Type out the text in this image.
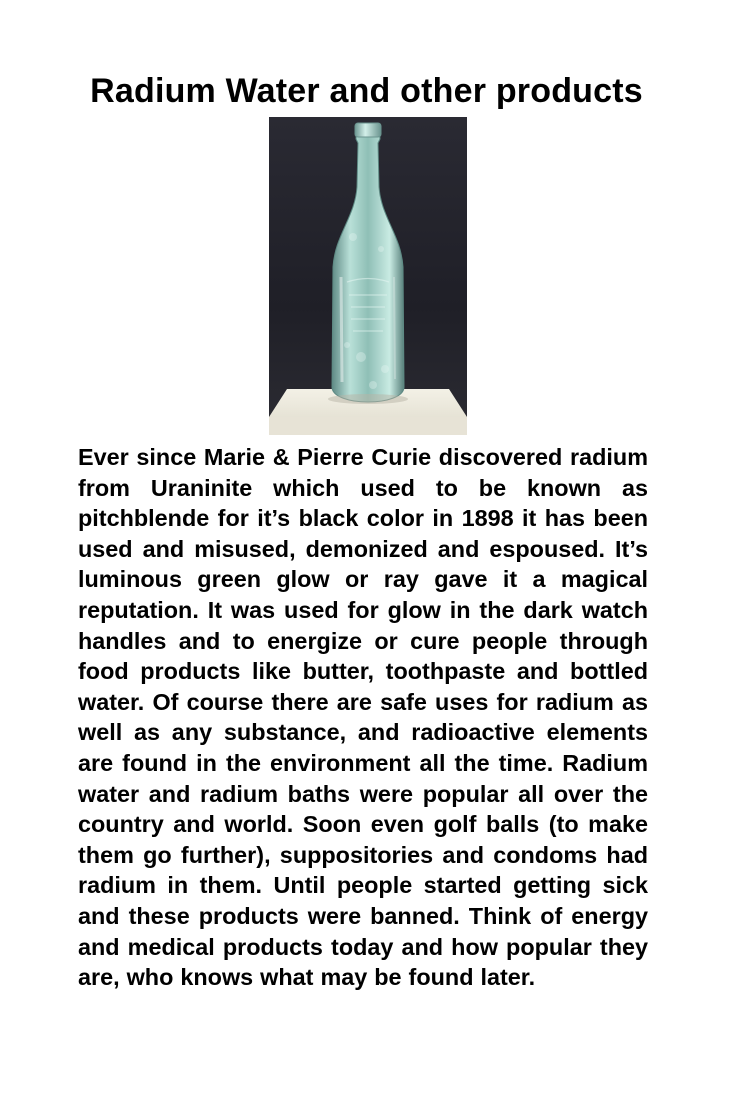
Radium Water and other products

Ever since Marie & Pierre Curie discovered radium from Uraninite which used to be known as pitchblende for it’s black color in 1898 it has been used and misused, demonized and espoused. It’s luminous green glow or ray gave it a magical reputation. It was used for glow in the dark watch handles and to energize or cure people through food products like butter, toothpaste and bottled water. Of course there are safe uses for radium as well as any substance, and radioactive elements are found in the environment all the time. Radium water and radium baths were popular all over the country and world. Soon even golf balls (to make them go further), suppositories and condoms had radium in them. Until people started getting sick and these products were banned. Think of energy and medical products today and how popular they are, who knows what may be found later.
